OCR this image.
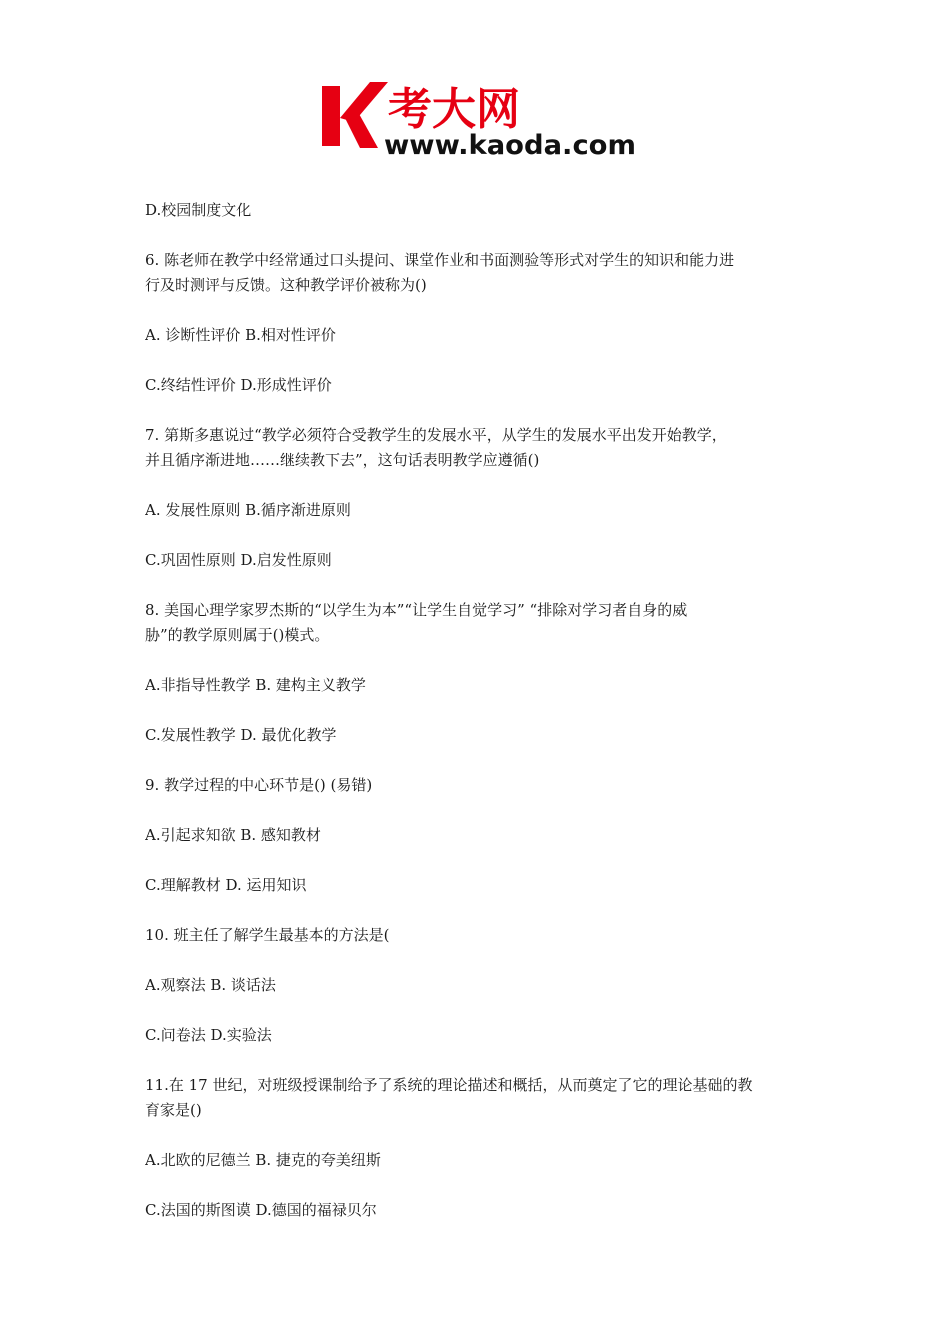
考大网
www.kaoda.com
D.校园制度文化
6. 陈老师在教学中经常通过口头提问、课堂作业和书面测验等形式对学生的知识和能力进
行及时测评与反馈。这种教学评价被称为()
A. 诊断性评价 B.相对性评价
C.终结性评价 D.形成性评价
7. 第斯多惠说过“教学必须符合受教学生的发展水平，从学生的发展水平出发开始教学，
并且循序渐进地……继续教下去”，这句话表明教学应遵循()
A. 发展性原则 B.循序渐进原则
C.巩固性原则 D.启发性原则
8. 美国心理学家罗杰斯的“以学生为本”“让学生自觉学习” “排除对学习者自身的威
胁”的教学原则属于()模式。
A.非指导性教学 B. 建构主义教学
C.发展性教学 D. 最优化教学
9. 教学过程的中心环节是() (易错)
A.引起求知欲 B. 感知教材
C.理解教材 D. 运用知识
10. 班主任了解学生最基本的方法是(
A.观察法 B. 谈话法
C.问卷法 D.实验法
11.在 17 世纪，对班级授课制给予了系统的理论描述和概括，从而奠定了它的理论基础的教
育家是()
A.北欧的尼德兰 B. 捷克的夸美纽斯
C.法国的斯图谟 D.德国的福禄贝尔
